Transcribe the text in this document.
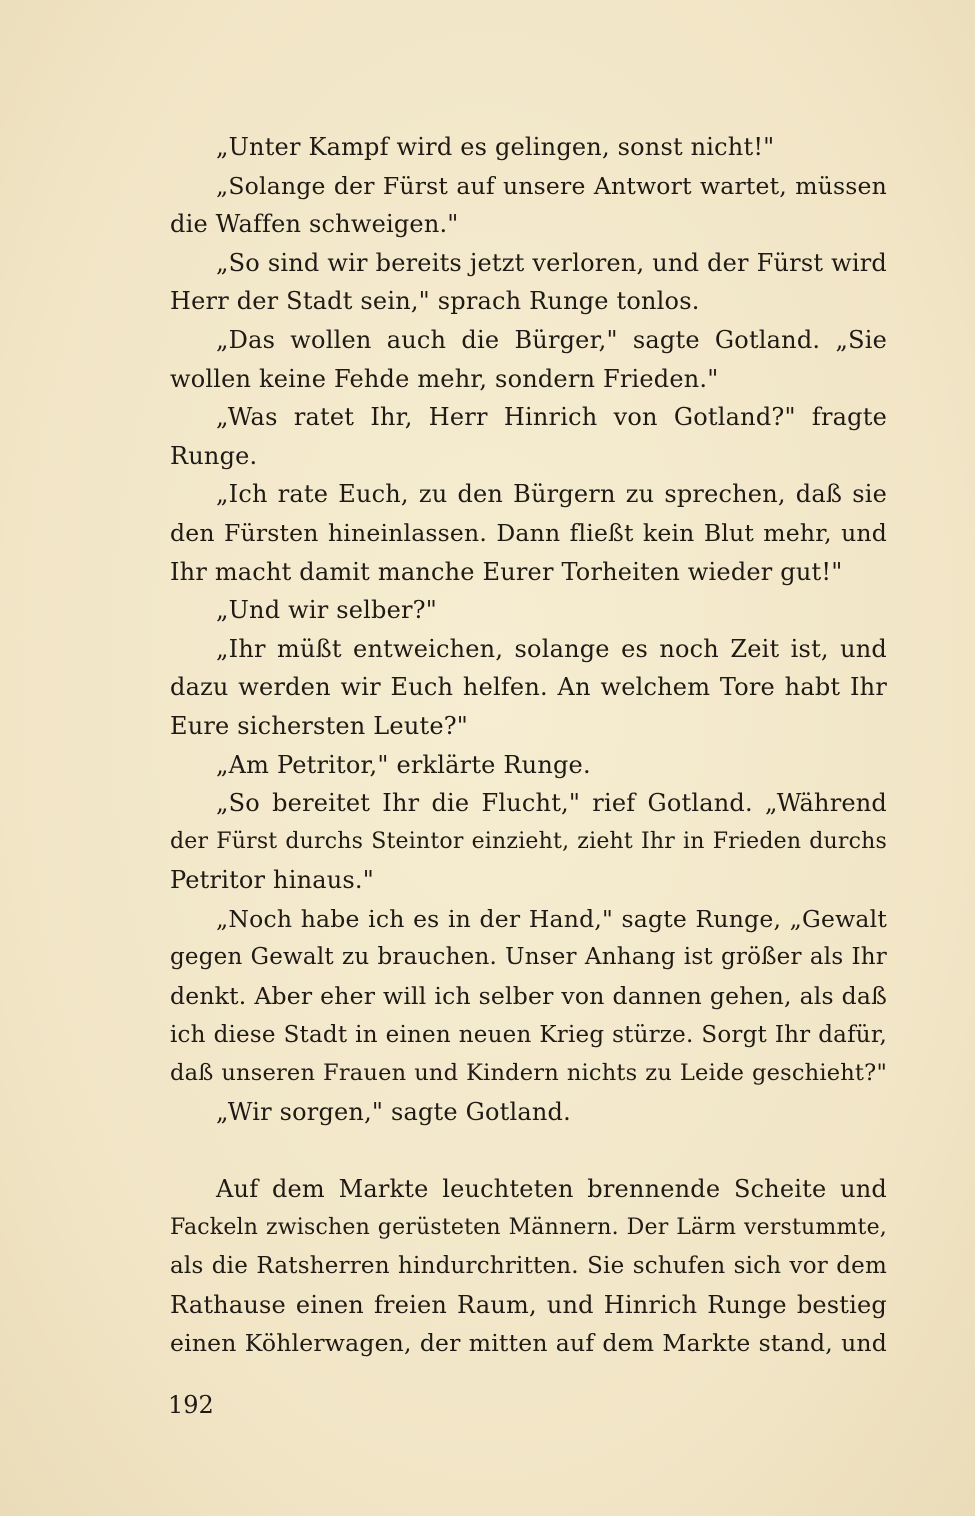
„Unter Kampf wird es gelingen, sonst nicht!"
„Solange der Fürst auf unsere Antwort wartet, müssen
die Waffen schweigen."
„So sind wir bereits jetzt verloren, und der Fürst wird
Herr der Stadt sein," sprach Runge tonlos.
„Das wollen auch die Bürger," sagte Gotland. „Sie
wollen keine Fehde mehr, sondern Frieden."
„Was ratet Ihr, Herr Hinrich von Gotland?" fragte
Runge.
„Ich rate Euch, zu den Bürgern zu sprechen, daß sie
den Fürsten hineinlassen. Dann fließt kein Blut mehr, und
Ihr macht damit manche Eurer Torheiten wieder gut!"
„Und wir selber?"
„Ihr müßt entweichen, solange es noch Zeit ist, und
dazu werden wir Euch helfen. An welchem Tore habt Ihr
Eure sichersten Leute?"
„Am Petritor," erklärte Runge.
„So bereitet Ihr die Flucht," rief Gotland. „Während
der Fürst durchs Steintor einzieht, zieht Ihr in Frieden durchs
Petritor hinaus."
„Noch habe ich es in der Hand," sagte Runge, „Gewalt
gegen Gewalt zu brauchen. Unser Anhang ist größer als Ihr
denkt. Aber eher will ich selber von dannen gehen, als daß
ich diese Stadt in einen neuen Krieg stürze. Sorgt Ihr dafür,
daß unseren Frauen und Kindern nichts zu Leide geschieht?"
„Wir sorgen," sagte Gotland.
Auf dem Markte leuchteten brennende Scheite und
Fackeln zwischen gerüsteten Männern. Der Lärm verstummte,
als die Ratsherren hindurchritten. Sie schufen sich vor dem
Rathause einen freien Raum, und Hinrich Runge bestieg
einen Köhlerwagen, der mitten auf dem Markte stand, und
192
